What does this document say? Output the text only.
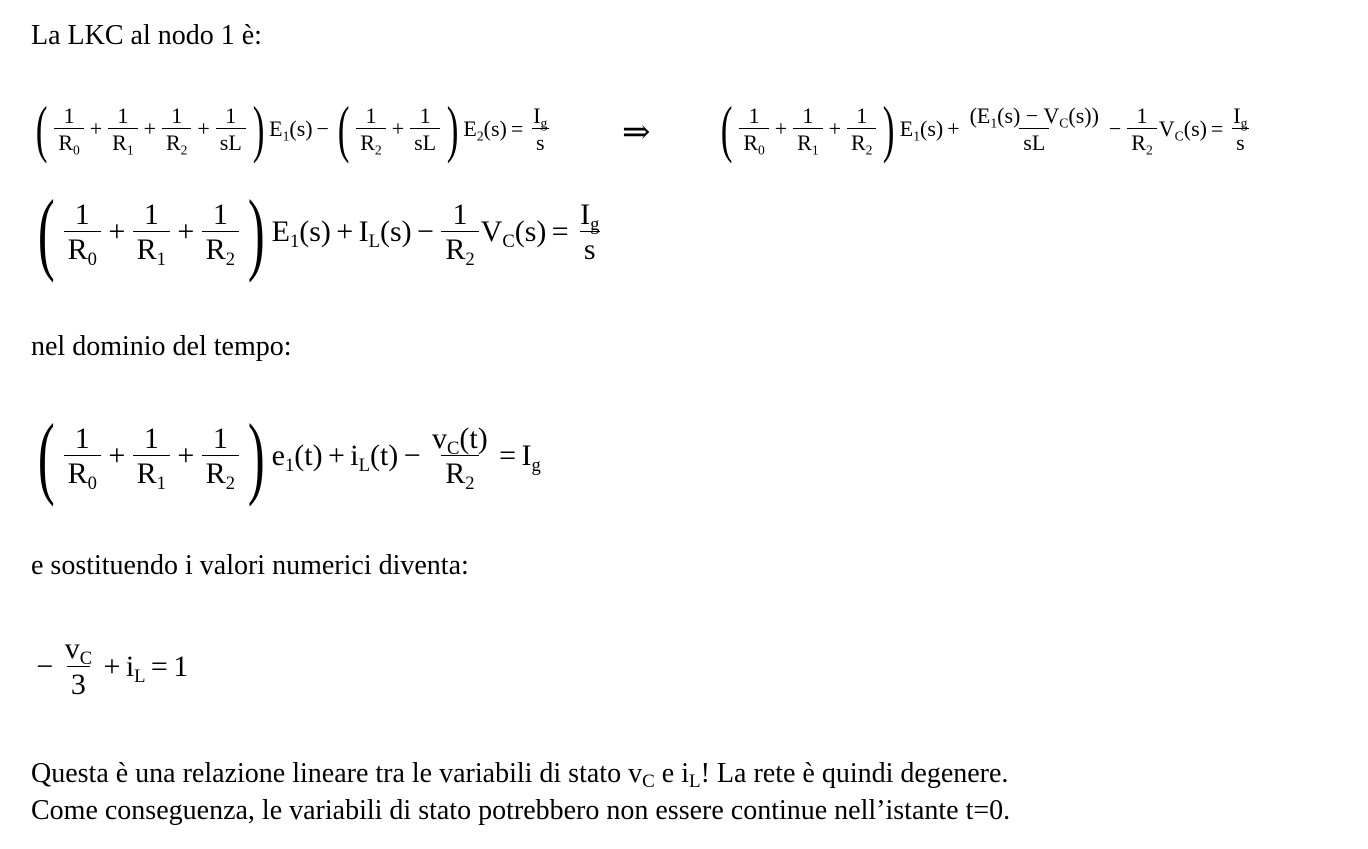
La LKC al nodo 1 è:
( $\frac{1}{R_0} + \frac{1}{R_1} + \frac{1}{R_2} + \frac{1}{sL}$ ) $E_1(s)$ − ( $\frac{1}{R_2} + \frac{1}{sL}$ ) $E_2(s) = \frac{I_g}{s}$ ⇒ ( $\frac{1}{R_0} + \frac{1}{R_1} + \frac{1}{R_2}$ ) $E_1(s) + \frac{(E_1(s) - V_C(s))}{sL} - \frac{1}{R_2} V_C(s) = \frac{I_g}{s}$
( $\frac{1}{R_0} + \frac{1}{R_1} + \frac{1}{R_2}$ ) $E_1(s) + I_L(s) - \frac{1}{R_2} V_C(s) = \frac{I_g}{s}$
nel dominio del tempo:
( $\frac{1}{R_0} + \frac{1}{R_1} + \frac{1}{R_2}$ ) $e_1(t) + i_L(t) - \frac{v_C(t)}{R_2} = I_g$
e sostituendo i valori numerici diventa:
− $\frac{v_C}{3} + i_L = 1$
Questa è una relazione lineare tra le variabili di stato $v_C$ e $i_L$! La rete è quindi degenere.
Come conseguenza, le variabili di stato potrebbero non essere continue nell’istante t=0.
